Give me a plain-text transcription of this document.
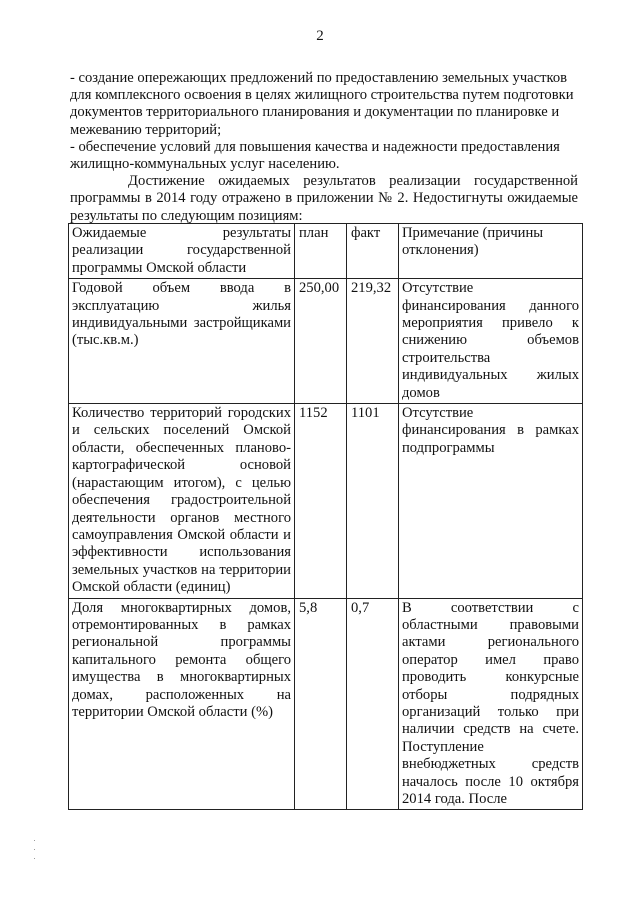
2

- создание опережающих предложений по предоставлению земельных участков для комплексного освоения в целях жилищного строительства путем подготовки документов территориального планирования и документации по планировке и межеванию территорий;

- обеспечение условий для повышения качества и надежности предоставления жилищно-коммунальных услуг населению.

Достижение ожидаемых результатов реализации государственной программы в 2014 году отражено в приложении № 2. Недостигнуты ожидаемые результаты по следующим позициям:

Ожидаемые результаты реализации государственной программы Омской области	план	факт	Примечание (причины отклонения)
Годовой объем ввода в эксплуатацию жилья индивидуальными застройщиками (тыс.кв.м.)	250,00	219,32	Отсутствие финансирования данного мероприятия привело к снижению объемов строительства индивидуальных жилых домов
Количество территорий городских и сельских поселений Омской области, обеспеченных планово-картографической основой (нарастающим итогом), с целью обеспечения градостроительной деятельности органов местного самоуправления Омской области и эффективности использования земельных участков на территории Омской области (единиц)	1152	1101	Отсутствие финансирования в рамках подпрограммы
Доля многоквартирных домов, отремонтированных в рамках региональной программы капитального ремонта общего имущества в многоквартирных домах, расположенных на территории Омской области (%)	5,8	0,7	В соответствии с областными правовыми актами регионального оператор имел право проводить конкурсные отборы подрядных организаций только при наличии средств на счете. Поступление внебюджетных средств началось после 10 октября 2014 года. После
